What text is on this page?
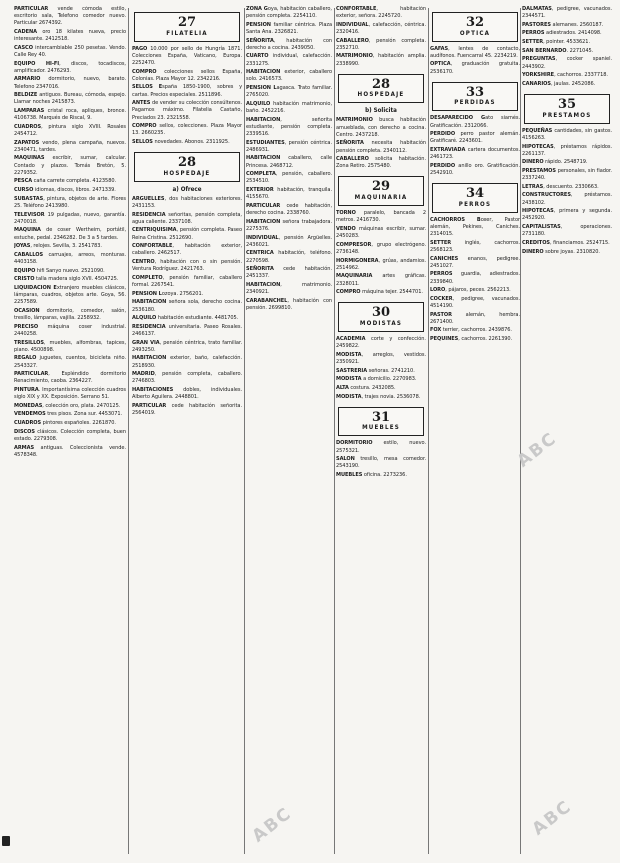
PARTICULAR vende cómoda estilo, escritorio sala, Telefono comedor nuevo. Particular 2674392.

CADENA oro 18 kilates nueva, precio interesante. 2412518.

CASCO intercambiable 250 pesetas. Vendo. Calle Rey 40.

EQUIPO HI-FI, discos, tocadiscos, amplificador. 2476293.

ARMARIO dormitorio, nuevo, barato. Telefono 2347016.

BELDIZE antiguos. Bureau, cómoda, espejo. Llamar noches 2415873.

LAMPARAS cristal roca, apliques, bronce. 4106738. Marqués de Riscal, 9.

CUADROS, pintura siglo XVIII. Rosales 2454712.

ZAPATOS vendo, plena campaña, nuevos. 2340471, tardes.

MAQUINAS escribir, sumar, calcular. Contado y plazos. Tomás Bretón, 5. 2279352.

PESCA caña carrete completa. 4123580.

CURSO idiomas, discos, libros. 2471339.

SUBASTAS, pintura, objetos de arte. Flores 25. Teléfono 2413980.

TELEVISOR 19 pulgadas, nuevo, garantía. 2470018.

MAQUINA de coser Wertheim, portátil, estuche, pedal. 2346282. De 3 a 5 tardes.

JOYAS, relojes. Sevilla, 3. 2541783.

CABALLOS carruajes, arreos, monturas. 4403158.

EQUIPO hifi Sanyo nuevo. 2521090.

CRISTO talla madera siglo XVII. 4504725.

LIQUIDACION Extranjero muebles clásicos, lámparas, cuadros, objetos arte. Goya, 56. 2257589.

OCASION dormitorio, comedor, salón, tresillo, lámparas, vajilla. 2258932.

PRECISO máquina coser industrial. 2440258.

TRESILLOS, muebles, alfombras, tapices, piano. 4500898.

REGALO juguetes, cuentos, bicicleta niño. 2543327.

PARTICULAR, Espléndido dormitorio Renacimiento, caoba. 2364227.

PINTURA. Importantísima colección cuadros siglo XIX y XX. Exposición. Serrano 51.

MONEDAS, colección oro, plata. 2470125.

VENDEMOS tres pisos. Zona sur. 4453071.

CUADROS pintores españoles. 2261870.

DISCOS clásicos. Colección completa, buen estado. 2279308.

ARMAS antiguas. Coleccionista vende. 4578348.

27
FILATELIA

PAGO 10.000 por sello de Hungría 1871. Colecciones España, Vaticano, Europa. 2252470.

COMPRO colecciones sellos España, Colonias. Plaza Mayor 12. 2342216.

SELLOS España 1850-1900, sobres y cartas. Precios especiales. 2511896.

ANTES de vender su colección consúltenos. Pagamos máximo. Filatelia Castaño, Preciados 23. 2321558.

COMPRO sellos, colecciones. Plaza Mayor 13. 2660235.

SELLOS novedades. Abonos. 2311925.

28
HOSPEDAJE
a) Ofrece

ARGUELLES, dos habitaciones exteriores. 2431153.

RESIDENCIA señoritas, pensión completa, agua caliente. 2337108.

CENTRIQUISIMA, pensión completa. Paseo Reina Cristina. 2512690.

CONFORTABLE, habitación exterior, caballero. 2462517.

CENTRO, habitación con o sin pensión. Ventura Rodríguez. 2421763.

COMPLETO, pensión familiar, caballero formal. 2267541.

PENSION Lozoya. 2756201.

HABITACION señora sola, derecho cocina. 2536180.

ALQUILO habitación estudiante. 4481705.

RESIDENCIA universitaria. Paseo Rosales. 2466137.

GRAN VIA, pensión céntrica, trato familiar. 2493250.

HABITACION exterior, baño, calefacción. 2518930.

MADRID, pensión completa, caballero. 2746803.

HABITACIONES dobles, individuales. Alberto Aguilera. 2448801.

PARTICULAR cede habitación señorita. 2564019.

ZONA Goya, habitación caballero, pensión completa. 2254110.

PENSION familiar céntrica. Plaza Santa Ana. 2326821.

SEÑORITA, habitación con derecho a cocina. 2439050.

CUARTO individual, calefacción. 2331275.

HABITACION exterior, caballero solo. 2416573.

PENSION Lagasca. Trato familiar. 2765020.

ALQUILO habitación matrimonio, baño. 2452216.

HABITACION, señorita estudiante, pensión completa. 2339516.

ESTUDIANTES, pensión céntrica. 2486931.

HABITACION caballero, calle Princesa. 2468712.

COMPLETA, pensión, caballero. 2534510.

EXTERIOR habitación, tranquila. 4155670.

PARTICULAR cede habitación, derecho cocina. 2338760.

HABITACION señora trabajadora. 2275376.

INDIVIDUAL, pensión Argüelles. 2436021.

CENTRICA habitación, teléfono. 2270598.

SEÑORITA cede habitación. 2451337.

HABITACION, matrimonio. 2340921.

CARABANCHEL, habitación con pensión. 2699810.

CONFORTABLE, habitación exterior, señora. 2245720.

INDIVIDUAL, calefacción, céntrica. 2320416.

CABALLERO, pensión completa. 2352710.

MATRIMONIO, habitación amplia. 2338990.

28
HOSPEDAJE
b) Solicita

MATRIMONIO busca habitación amueblada, con derecho a cocina. Centro. 2437218.

SEÑORITA necesita habitación pensión completa. 2340112.

CABALLERO solicita habitación. Zona Retiro. 2575480.

29
MAQUINARIA

TORNO paralelo, bancada 2 metros. 2416730.

VENDO máquinas escribir, sumar. 2450283.

COMPRESOR, grupo electrógeno. 2736148.

HORMIGONERA, grúas, andamios. 2514962.

MAQUINARIA artes gráficas. 2328011.

COMPRO máquina tejer. 2544701.

30
MODISTAS

ACADEMIA corte y confección. 2459822.

MODISTA, arreglos, vestidos. 2350921.

SASTRERIA señoras. 2741210.

MODISTA a domicilio. 2270983.

ALTA costura. 2432085.

MODISTA, trajes novia. 2536078.

31
MUEBLES

DORMITORIO estilo, nuevo. 2575321.

SALON tresillo, mesa comedor. 2543190.

MUEBLES oficina. 2273236.

32
OPTICA

GAFAS, lentes de contacto, audífonos. Fuencarral 45. 2234219.

OPTICA, graduación gratuita. 2536170.

33
PERDIDAS

DESAPARECIDO Gato siamés. Gratificación. 2312066.

PERDIDO perro pastor alemán. Gratificaré. 2243601.

EXTRAVIADA cartera documentos. 2461723.

PERDIDO anillo oro. Gratificación. 2542910.

34
PERROS

CACHORROS Boxer, Pastor alemán, Pekines, Caniches. 2314015.

SETTER inglés, cachorros. 2568123.

CANICHES enanos, pedigree. 2451027.

PERROS guardia, adiestrados. 2339840.

LORO, pájaros, peces. 2562213.

COCKER, pedigree, vacunados. 4514190.

PASTOR alemán, hembra. 2671400.

FOX terrier, cachorros. 2439876.

PEQUINES, cachorros. 2261390.

DALMATAS, pedigree, vacunados. 2344571.

PASTORES alemanes. 2560187.

PERROS adiestrados. 2414098.

SETTER, pointer. 4533621.

SAN BERNARDO. 2271045.

PREGUNTAS, cocker spaniel. 2443902.

YORKSHIRE, cachorros. 2337718.

CANARIOS, jaulas. 2452086.

35
PRESTAMOS

PEQUEÑAS cantidades, sin gastos. 4156263.

HIPOTECAS, préstamos rápidos. 2261137.

DINERO rápido. 2548719.

PRESTAMOS personales, sin fiador. 2337240.

LETRAS, descuento. 2330663.

CONSTRUCTORES, préstamos. 2438102.

HIPOTECAS, primera y segunda. 2452920.

CAPITALISTAS, operaciones. 2731180.

CREDITOS, financiamos. 2524715.

DINERO sobre joyas. 2310820.

ABC	ABC
ABC
